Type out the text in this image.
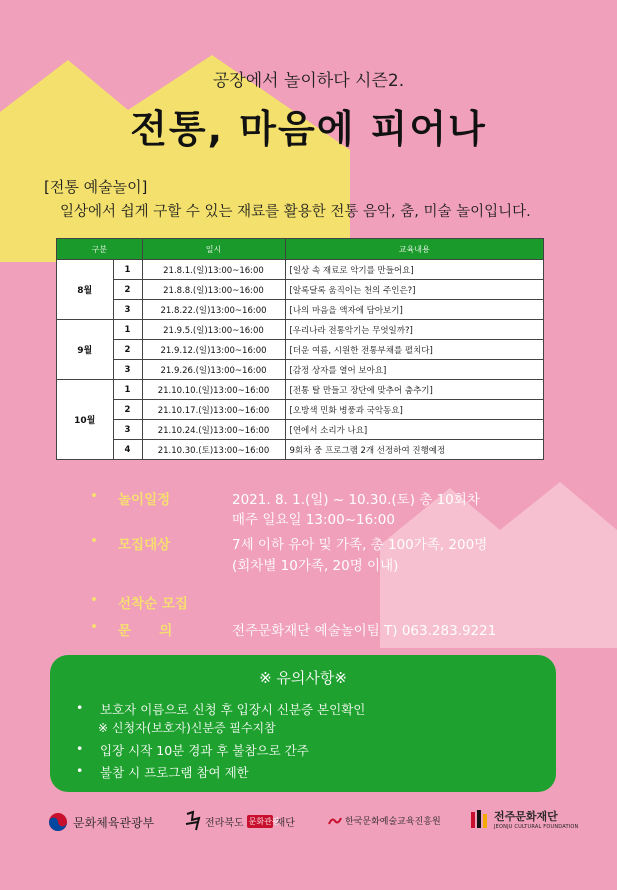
공장에서 놀이하다 시즌2.
전통, 마음에 피어나
[전통 예술놀이]
일상에서 쉽게 구할 수 있는 재료를 활용한 전통 음악, 춤, 미술 놀이입니다.
구분		일시	교육내용
8월	1	21.8.1.(일)13:00~16:00	[일상 속 재료로 악기를 만들어요]
	2	21.8.8.(일)13:00~16:00	[알록달록 움직이는 천의 주인은?]
	3	21.8.22.(일)13:00~16:00	[나의 마음을 액자에 담아보기]
9월	1	21.9.5.(일)13:00~16:00	[우리나라 전통악기는 무엇일까?]
	2	21.9.12.(일)13:00~16:00	[더운 여름, 시원한 전통부채를 펼치다]
	3	21.9.26.(일)13:00~16:00	[감정 상자를 열어 보아요]
10월	1	21.10.10.(일)13:00~16:00	[전통 탈 만들고 장단에 맞추어 춤추기]
	2	21.10.17.(일)13:00~16:00	[오방색 민화 병풍과 국악동요]
	3	21.10.24.(일)13:00~16:00	[연에서 소리가 나요]
	4	21.10.30.(토)13:00~16:00	9회차 중 프로그램 2개 선정하여 진행예정
• 놀이일정	2021. 8. 1.(일) ~ 10.30.(토) 총 10회차
매주 일요일 13:00~16:00
• 모집대상	7세 이하 유아 및 가족, 총 100가족, 200명
(회차별 10가족, 20명 이내)
• 선착순 모집
• 문      의	전주문화재단 예술놀이팀 T) 063.283.9221
※ 유의사항※
• 보호자 이름으로 신청 후 입장시 신분증 본인확인
※ 신청자(보호자)신분증 필수지참
• 입장 시작 10분 경과 후 불참으로 간주
• 불참 시 프로그램 참여 제한
문화체육관광부	전라북도 문화관광
재단	한국문화예술교육진흥원	전주문화재단
JEONJU CULTURAL FOUNDATION
